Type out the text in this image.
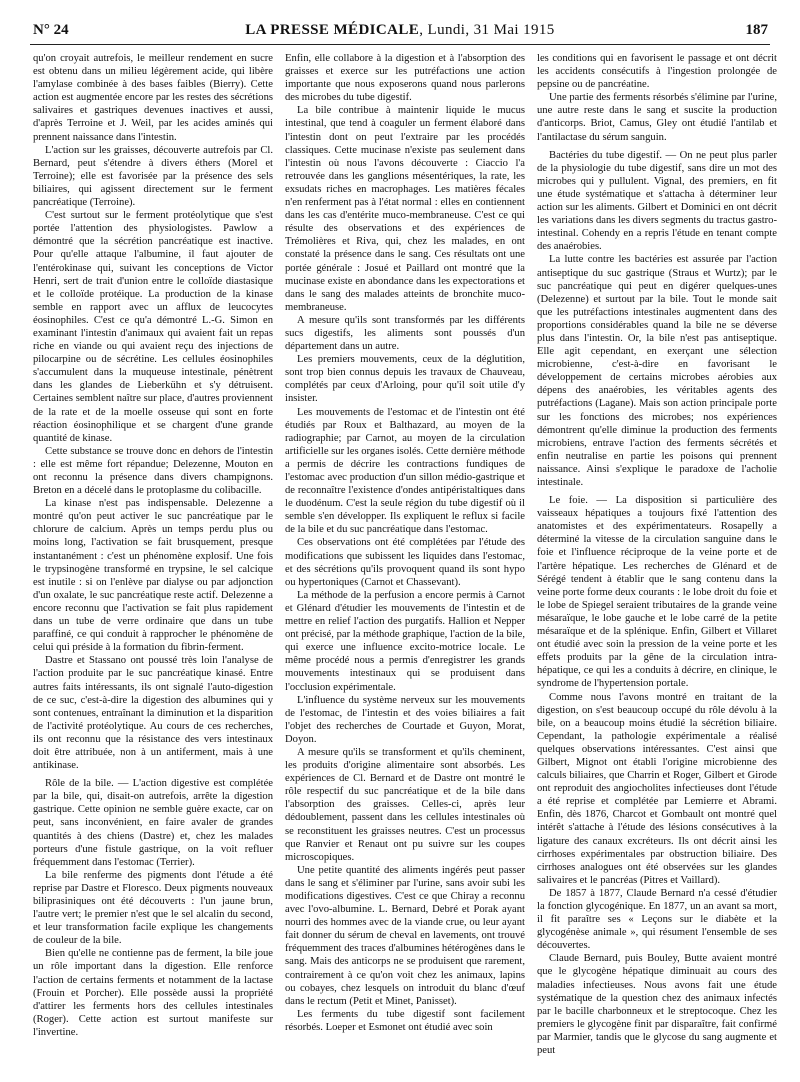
N° 24	LA PRESSE MÉDICALE, Lundi, 31 Mai 1915	187

qu'on croyait autrefois, le meilleur rendement en sucre est obtenu dans un milieu légèrement acide, qui libère l'amylase combinée à des bases faibles (Bierry). Cette action est augmentée encore par les restes des sécrétions salivaires et gastriques devenues inactives et aussi, d'après Terroine et J. Weil, par les acides aminés qui prennent naissance dans l'intestin.

L'action sur les graisses, découverte autrefois par Cl. Bernard, peut s'étendre à divers éthers (Morel et Terroine); elle est favorisée par la présence des sels biliaires, qui agissent directement sur le ferment pancréatique (Terroine).

C'est surtout sur le ferment protéolytique que s'est portée l'attention des physiologistes. Pawlow a démontré que la sécrétion pancréatique est inactive. Pour qu'elle attaque l'albumine, il faut ajouter de l'entérokinase qui, suivant les conceptions de Victor Henri, sert de trait d'union entre le colloïde diastasique et le colloïde protéique. La production de la kinase semble en rapport avec un afflux de leucocytes éosinophiles. C'est ce qu'a démontré L.-G. Simon en examinant l'intestin d'animaux qui avaient fait un repas riche en viande ou qui avaient reçu des injections de pilocarpine ou de sécrétine. Les cellules éosinophiles s'accumulent dans la muqueuse intestinale, pénètrent dans les glandes de Lieberkühn et s'y détruisent. Certaines semblent naître sur place, d'autres proviennent de la rate et de la moelle osseuse qui sont en forte réaction éosinophilique et se chargent d'une grande quantité de kinase.

Cette substance se trouve donc en dehors de l'intestin : elle est même fort répandue; Delezenne, Mouton en ont reconnu la présence dans divers champignons. Breton en a décelé dans le protoplasme du colibacille.

La kinase n'est pas indispensable. Delezenne a montré qu'on peut activer le suc pancréatique par le chlorure de calcium. Après un temps perdu plus ou moins long, l'activation se fait brusquement, presque instantanément : c'est un phénomène explosif. Une fois le trypsinogène transformé en trypsine, le sel calcique est inutile : si on l'enlève par dialyse ou par adjonction d'un oxalate, le suc pancréatique reste actif. Delezenne a encore reconnu que l'activation se fait plus rapidement dans un tube de verre ordinaire que dans un tube paraffiné, ce qui conduit à rapprocher le phénomène de celui qui préside à la formation du fibrin-ferment.

Dastre et Stassano ont poussé très loin l'analyse de l'action produite par le suc pancréatique kinasé. Entre autres faits intéressants, ils ont signalé l'auto-digestion de ce suc, c'est-à-dire la digestion des albumines qui y sont contenues, entraînant la diminution et la disparition de l'activité protéolytique. Au cours de ces recherches, ils ont reconnu que la résistance des vers intestinaux doit être attribuée, non à un antiferment, mais à une antikinase.

Rôle de la bile. — L'action digestive est complétée par la bile, qui, disait-on autrefois, arrête la digestion gastrique. Cette opinion ne semble guère exacte, car on peut, sans inconvénient, en faire avaler de grandes quantités à des chiens (Dastre) et, chez les malades porteurs d'une fistule gastrique, on la voit refluer fréquemment dans l'estomac (Terrier).

La bile renferme des pigments dont l'étude a été reprise par Dastre et Floresco. Deux pigments nouveaux biliprasiniques ont été découverts : l'un jaune brun, l'autre vert; le premier n'est que le sel alcalin du second, et leur transformation facile explique les changements de couleur de la bile.

Bien qu'elle ne contienne pas de ferment, la bile joue un rôle important dans la digestion. Elle renforce l'action de certains ferments et notamment de la lactase (Frouin et Porcher). Elle possède aussi la propriété d'attirer les ferments hors des cellules intestinales (Roger). Cette action est surtout manifeste sur l'invertine.

Enfin, elle collabore à la digestion et à l'absorption des graisses et exerce sur les putréfactions une action importante que nous exposerons quand nous parlerons des microbes du tube digestif.

La bile contribue à maintenir liquide le mucus intestinal, que tend à coaguler un ferment élaboré dans l'intestin dont on peut l'extraire par les procédés classiques. Cette mucinase n'existe pas seulement dans l'intestin où nous l'avons découverte : Ciaccio l'a retrouvée dans les ganglions mésentériques, la rate, les exsudats riches en macrophages. Les matières fécales n'en renferment pas à l'état normal : elles en contiennent dans les cas d'entérite muco-membraneuse. C'est ce qui résulte des observations et des expériences de Trémolières et Riva, qui, chez les malades, en ont constaté la présence dans le sang. Ces résultats ont une portée générale : Josué et Paillard ont montré que la mucinase existe en abondance dans les expectorations et dans le sang des malades atteints de bronchite muco-membraneuse.

A mesure qu'ils sont transformés par les différents sucs digestifs, les aliments sont poussés d'un département dans un autre.

Les premiers mouvements, ceux de la déglutition, sont trop bien connus depuis les travaux de Chauveau, complétés par ceux d'Arloing, pour qu'il soit utile d'y insister.

Les mouvements de l'estomac et de l'intestin ont été étudiés par Roux et Balthazard, au moyen de la radiographie; par Carnot, au moyen de la circulation artificielle sur les organes isolés. Cette dernière méthode a permis de décrire les contractions fundiques de l'estomac avec production d'un sillon médio-gastrique et de reconnaître l'existence d'ondes antipéristaltiques dans le duodénum. C'est la seule région du tube digestif où il semble s'en développer. Ils expliquent le reflux si facile de la bile et du suc pancréatique dans l'estomac.

Ces observations ont été complétées par l'étude des modifications que subissent les liquides dans l'estomac, et des sécrétions qu'ils provoquent quand ils sont hypo ou hypertoniques (Carnot et Chassevant).

La méthode de la perfusion a encore permis à Carnot et Glénard d'étudier les mouvements de l'intestin et de mettre en relief l'action des purgatifs. Hallion et Nepper ont précisé, par la méthode graphique, l'action de la bile, qui exerce une influence excito-motrice locale. Le même procédé nous a permis d'enregistrer les grands mouvements intestinaux qui se produisent dans l'occlusion expérimentale.

L'influence du système nerveux sur les mouvements de l'estomac, de l'intestin et des voies biliaires a fait l'objet des recherches de Courtade et Guyon, Morat, Doyon.

A mesure qu'ils se transforment et qu'ils cheminent, les produits d'origine alimentaire sont absorbés. Les expériences de Cl. Bernard et de Dastre ont montré le rôle respectif du suc pancréatique et de la bile dans l'absorption des graisses. Celles-ci, après leur dédoublement, passent dans les cellules intestinales où se reconstituent les graisses neutres. C'est un processus que Ranvier et Renaut ont pu suivre sur les coupes microscopiques.

Une petite quantité des aliments ingérés peut passer dans le sang et s'éliminer par l'urine, sans avoir subi les modifications digestives. C'est ce que Chiray a reconnu avec l'ovo-albumine. L. Bernard, Debré et Porak ayant nourri des hommes avec de la viande crue, ou leur ayant fait donner du sérum de cheval en lavements, ont trouvé fréquemment des traces d'albumines hétérogènes dans le sang. Mais des anticorps ne se produisent que rarement, contrairement à ce qu'on voit chez les animaux, lapins ou cobayes, chez lesquels on introduit du blanc d'œuf dans le rectum (Petit et Minet, Panisset).

Les ferments du tube digestif sont facilement résorbés. Loeper et Esmonet ont étudié avec soin

les conditions qui en favorisent le passage et ont décrit les accidents consécutifs à l'ingestion prolongée de pepsine ou de pancréatine.

Une partie des ferments résorbés s'élimine par l'urine, une autre reste dans le sang et suscite la production d'anticorps. Briot, Camus, Gley ont étudié l'antilab et l'antilactase du sérum sanguin.

Bactéries du tube digestif. — On ne peut plus parler de la physiologie du tube digestif, sans dire un mot des microbes qui y pullulent. Vignal, des premiers, en fit une étude systématique et s'attacha à déterminer leur action sur les aliments. Gilbert et Dominici en ont décrit les variations dans les divers segments du tractus gastro-intestinal. Cohendy en a repris l'étude en tenant compte des anaérobies.

La lutte contre les bactéries est assurée par l'action antiseptique du suc gastrique (Straus et Wurtz); par le suc pancréatique qui peut en digérer quelques-unes (Delezenne) et surtout par la bile. Tout le monde sait que les putréfactions intestinales augmentent dans des proportions considérables quand la bile ne se déverse plus dans l'intestin. Or, la bile n'est pas antiseptique. Elle agit cependant, en exerçant une sélection microbienne, c'est-à-dire en favorisant le développement de certains microbes aérobies aux dépens des anaérobies, les véritables agents des putréfactions (Lagane). Mais son action principale porte sur les fonctions des microbes; nos expériences démontrent qu'elle diminue la production des ferments microbiens, entrave l'action des ferments sécrétés et enfin neutralise en partie les poisons qui prennent naissance. Ainsi s'explique le paradoxe de l'acholie intestinale.

Le foie. — La disposition si particulière des vaisseaux hépatiques a toujours fixé l'attention des anatomistes et des expérimentateurs. Rosapelly a déterminé la vitesse de la circulation sanguine dans le foie et l'influence réciproque de la veine porte et de l'artère hépatique. Les recherches de Glénard et de Sérégé tendent à établir que le sang contenu dans la veine porte forme deux courants : le lobe droit du foie et le lobe de Spiegel seraient tributaires de la grande veine mésaraïque, le lobe gauche et le lobe carré de la petite mésaraïque et de la splénique. Enfin, Gilbert et Villaret ont étudié avec soin la pression de la veine porte et les effets produits par la gêne de la circulation intra-hépatique, ce qui les a conduits à décrire, en clinique, le syndrome de l'hypertension portale.

Comme nous l'avons montré en traitant de la digestion, on s'est beaucoup occupé du rôle dévolu à la bile, on a beaucoup moins étudié la sécrétion biliaire. Cependant, la pathologie expérimentale a réalisé quelques observations intéressantes. C'est ainsi que Gilbert, Mignot ont établi l'origine microbienne des calculs biliaires, que Charrin et Roger, Gilbert et Girode ont reproduit des angiocholites infectieuses dont l'étude a été reprise et complétée par Lemierre et Abrami. Enfin, dès 1876, Charcot et Gombault ont montré quel intérêt s'attache à l'étude des lésions consécutives à la ligature des canaux excréteurs. Ils ont décrit ainsi les cirrhoses expérimentales par obstruction biliaire. Des cirrhoses analogues ont été observées sur les glandes salivaires et le pancréas (Pitres et Vaillard).

De 1857 à 1877, Claude Bernard n'a cessé d'étudier la fonction glycogénique. En 1877, un an avant sa mort, il fit paraître ses « Leçons sur le diabète et la glycogénèse animale », qui résument l'ensemble de ses découvertes.

Claude Bernard, puis Bouley, Butte avaient montré que le glycogène hépatique diminuait au cours des maladies infectieuses. Nous avons fait une étude systématique de la question chez des animaux infectés par le bacille charbonneux et le streptocoque. Chez les premiers le glycogène finit par disparaître, fait confirmé par Marmier, tandis que le glycose du sang augmente et peut
